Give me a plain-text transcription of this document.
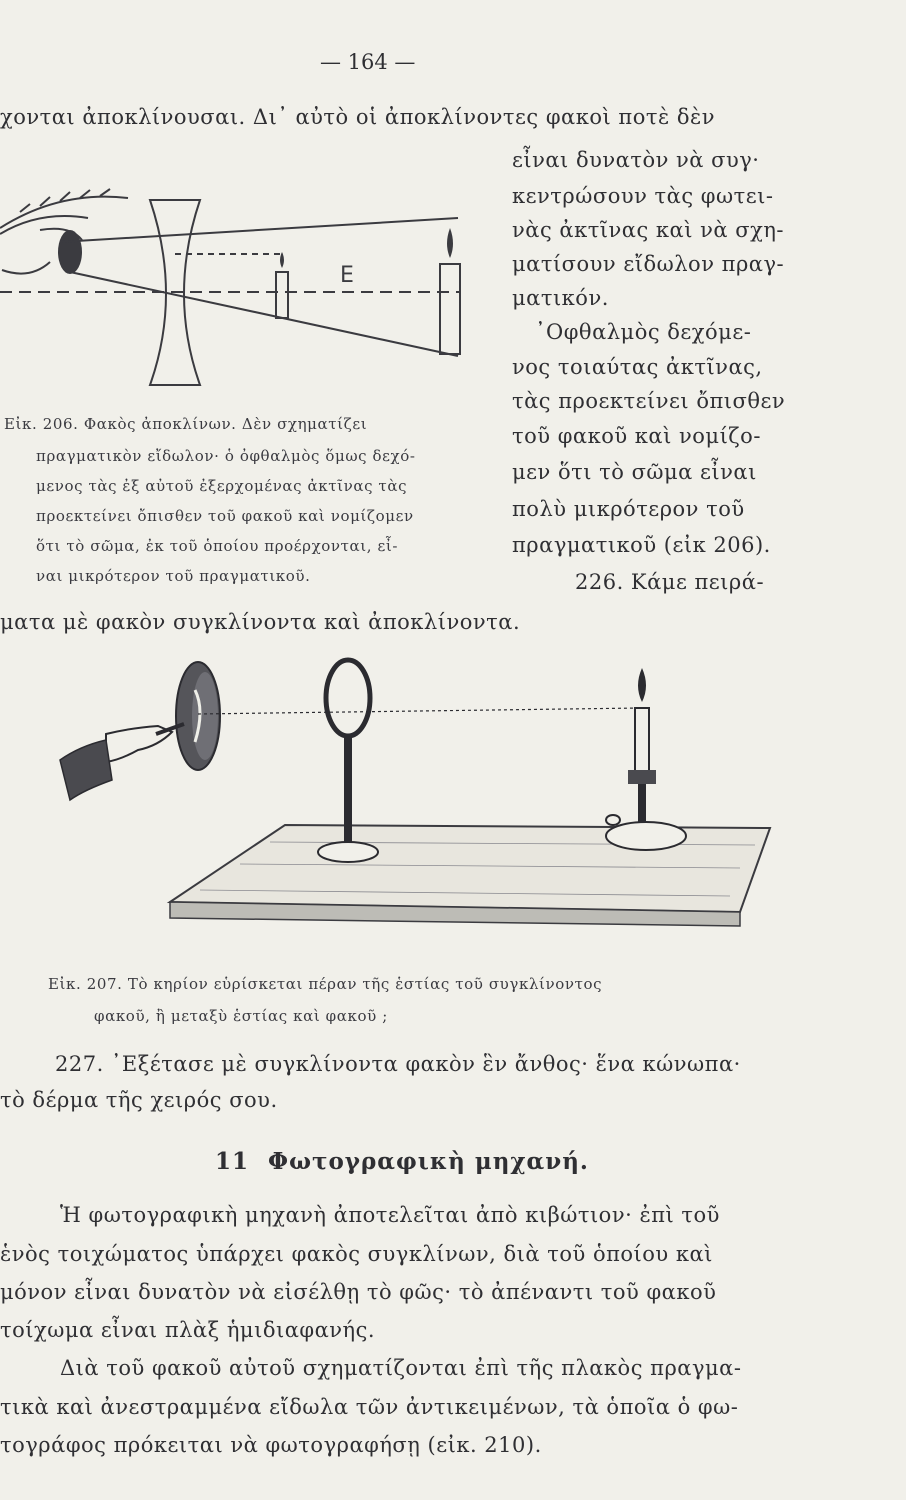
— 164 —
χονται ἀποκλίνουσαι. Δι᾽ αὐτὸ οἱ ἀποκλίνοντες φακοὶ ποτὲ δὲν
εἶναι δυνατὸν νὰ συγ·
κεντρώσουν τὰς φωτει-
νὰς ἀκτῖνας καὶ νὰ σχη-
ματίσουν εἴδωλον πραγ-
ματικόν.
᾿Οφθαλμὸς δεχόμε-
νος τοιαύτας ἀκτῖνας,
τὰς προεκτείνει ὄπισθεν
τοῦ φακοῦ καὶ νομίζο-
μεν ὅτι τὸ σῶμα εἶναι
πολὺ μικρότερον τοῦ
πραγματικοῦ (εἰκ 206).
226. Κάμε πειρά-
E
Εἰκ. 206. Φακὸς ἀποκλίνων. Δὲν σχηματίζει
πραγματικὸν εἴδωλον· ὁ ὀφθαλμὸς ὅμως δεχό-
μενος τὰς ἐξ αὐτοῦ ἐξερχομένας ἀκτῖνας τὰς
προεκτείνει ὄπισθεν τοῦ φακοῦ καὶ νομίζομεν
ὅτι τὸ σῶμα, ἐκ τοῦ ὁποίου προέρχονται, εἶ-
ναι μικρότερον τοῦ πραγματικοῦ.
ματα μὲ φακὸν συγκλίνοντα καὶ ἀποκλίνοντα.
Εἰκ. 207. Τὸ κηρίον εὑρίσκεται πέραν τῆς ἑστίας τοῦ συγκλίνοντος
φακοῦ, ἢ μεταξὺ ἑστίας καὶ φακοῦ ;
227. ᾿Εξέτασε μὲ συγκλίνοντα φακὸν ἓν ἄνθος· ἕνα κώνωπα·
τὸ δέρμα τῆς χειρός σου.
11 Φωτογραφικὴ μηχανή.
Ἡ φωτογραφικὴ μηχανὴ ἀποτελεῖται ἀπὸ κιβώτιον· ἐπὶ τοῦ
ἑνὸς τοιχώματος ὑπάρχει φακὸς συγκλίνων, διὰ τοῦ ὁποίου καὶ
μόνον εἶναι δυνατὸν νὰ εἰσέλθῃ τὸ φῶς· τὸ ἀπέναντι τοῦ φακοῦ
τοίχωμα εἶναι πλὰξ ἡμιδιαφανής.
Διὰ τοῦ φακοῦ αὐτοῦ σχηματίζονται ἐπὶ τῆς πλακὸς πραγμα-
τικὰ καὶ ἀνεστραμμένα εἴδωλα τῶν ἀντικειμένων, τὰ ὁποῖα ὁ φω-
τογράφος πρόκειται νὰ φωτογραφήσῃ (εἰκ. 210).
